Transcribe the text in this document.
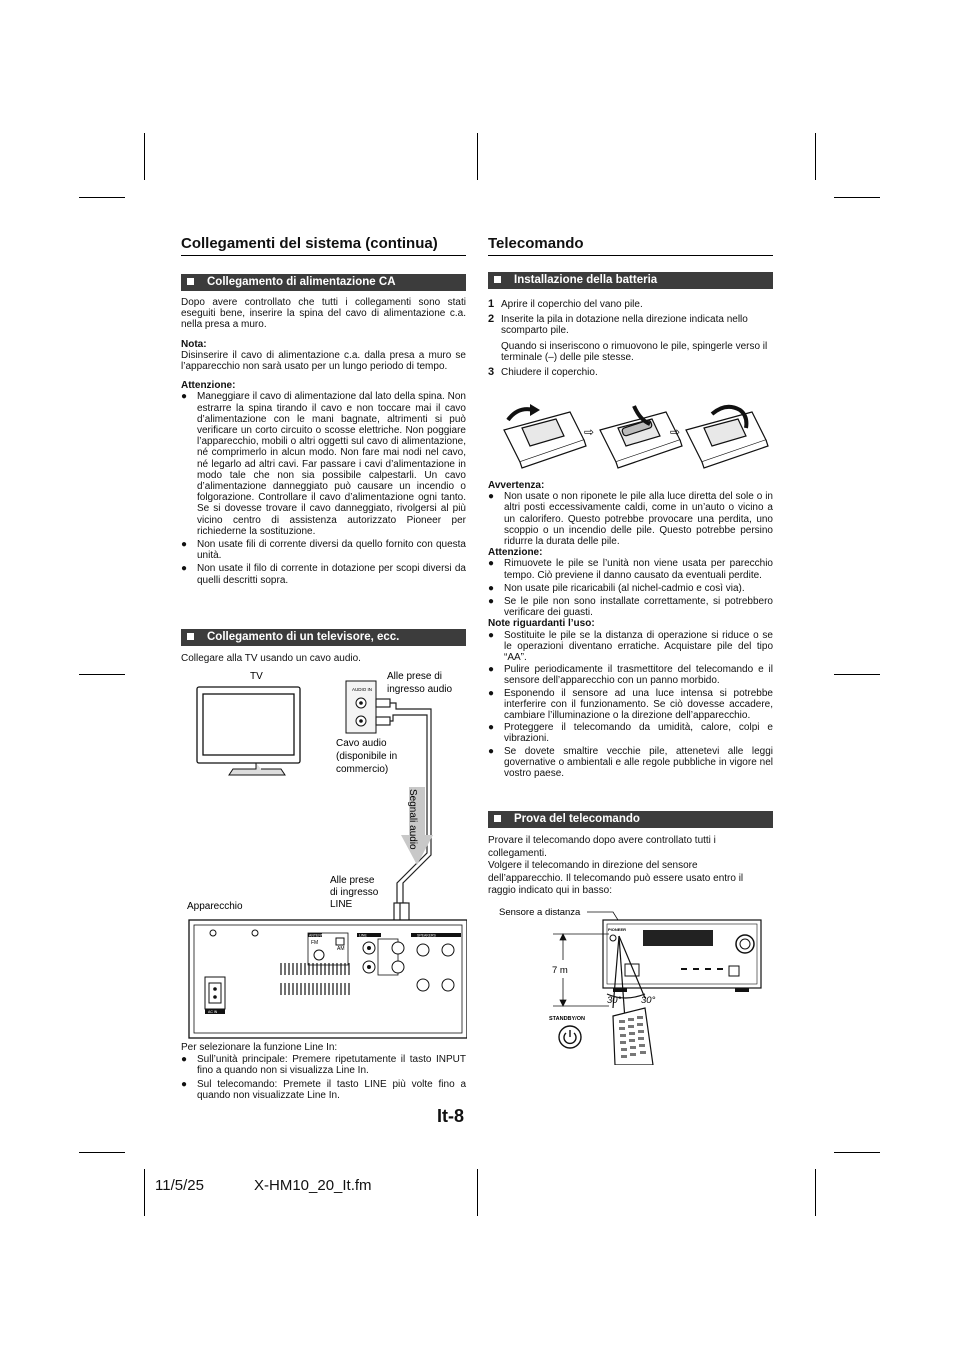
Collegamenti del sistema (continua)
Collegamento di alimentazione CA

Dopo avere controllato che tutti i collegamenti sono stati eseguiti bene, inserire la spina del cavo di alimentazione c.a. nella presa a muro.

Nota:

Disinserire il cavo di alimentazione c.a. dalla presa a muro se l’apparecchio non sarà usato per un lungo periodo di tempo.

Attenzione:

● Maneggiare il cavo di alimentazione dal lato della spina. Non estrarre la spina tirando il cavo e non toccare mai il cavo d’alimentazione con le mani bagnate, altrimenti si può verificare un corto circuito o scosse elettriche. Non poggiare l’apparecchio, mobili o altri oggetti sul cavo di alimentazione, né comprimerlo in alcun modo. Non fare mai nodi nel cavo, né legarlo ad altri cavi. Far passare i cavi d’alimentazione in modo tale che non sia possibile calpestarli. Un cavo d’alimentazione danneggiato può causare un incendio o folgorazione. Controllare il cavo d’alimentazione ogni tanto. Se si dovesse trovare il cavo danneggiato, rivolgersi al più vicino centro di assistenza autorizzato Pioneer per richiederne la sostituzione.
● Non usate fili di corrente diversi da quello fornito con questa unità.
● Non usate il filo di corrente in dotazione per scopi diversi da quelli descritti sopra.
Collegamento di un televisore, ecc.

Collegare alla TV usando un cavo audio.

TV
AUDIO IN
Alle prese di
ingresso audio
Cavo audio
(disponibile in
commercio)
Segnali audio
Alle prese
di ingresso
LINE
Apparecchio
ANTENNA
FM
AM
LINE	SPEAKERS
AC IN

Per selezionare la funzione Line In:

● Sull’unità principale: Premere ripetutamente il tasto INPUT fino a quando non si visualizza Line In.
● Sul telecomando: Premete il tasto LINE più volte fino a quando non visualizzate Line In.
Telecomando
Installazione della batteria
1 Aprire il coperchio del vano pile.
2 Inserite la pila in dotazione nella direzione indicata nello scomparto pile.
Quando si inseriscono o rimuovono le pile, spingerle verso il terminale (–) delle pile stesse.
3 Chiudere il coperchio.
⇨	⇨

Avvertenza:

● Non usate o non riponete le pile alla luce diretta del sole o in altri posti eccessivamente caldi, come in un’auto o vicino a un calorifero. Questo potrebbe provocare una perdita, uno scoppio o un incendio delle pile. Questo potrebbe persino ridurre la durata delle pile.

Attenzione:

● Rimuovete le pile se l’unità non viene usata per parecchio tempo. Ciò previene il danno causato da eventuali perdite.
● Non usate pile ricaricabili (al nichel-cadmio e così via).
● Se le pile non sono installate correttamente, si potrebbero verificare dei guasti.

Note riguardanti l’uso:

● Sostituite le pile se la distanza di operazione si riduce o se le operazioni diventano erratiche. Acquistare pile del tipo “AA”.
● Pulire periodicamente il trasmettitore del telecomando e il sensore dell’apparecchio con un panno morbido.
● Esponendo il sensore ad una luce intensa si potrebbe interferire con il funzionamento. Se ciò dovesse accadere, cambiare l’illuminazione o la direzione dell’apparecchio.
● Proteggere il telecomando da umidità, calore, colpi e vibrazioni.
● Se dovete smaltire vecchie pile, attenetevi alle leggi governative o ambientali e alle regole pubbliche in vigore nel vostro paese.
Prova del telecomando

Provare il telecomando dopo avere controllato tutti i collegamenti.

Volgere il telecomando in direzione del sensore dell’apparecchio. Il telecomando può essere usato entro il raggio indicato qui in basso:

Sensore a distanza
PIONEER
7 m
30° 30°
STANDBY/ON
It-8
11/5/25	X-HM10_20_It.fm
